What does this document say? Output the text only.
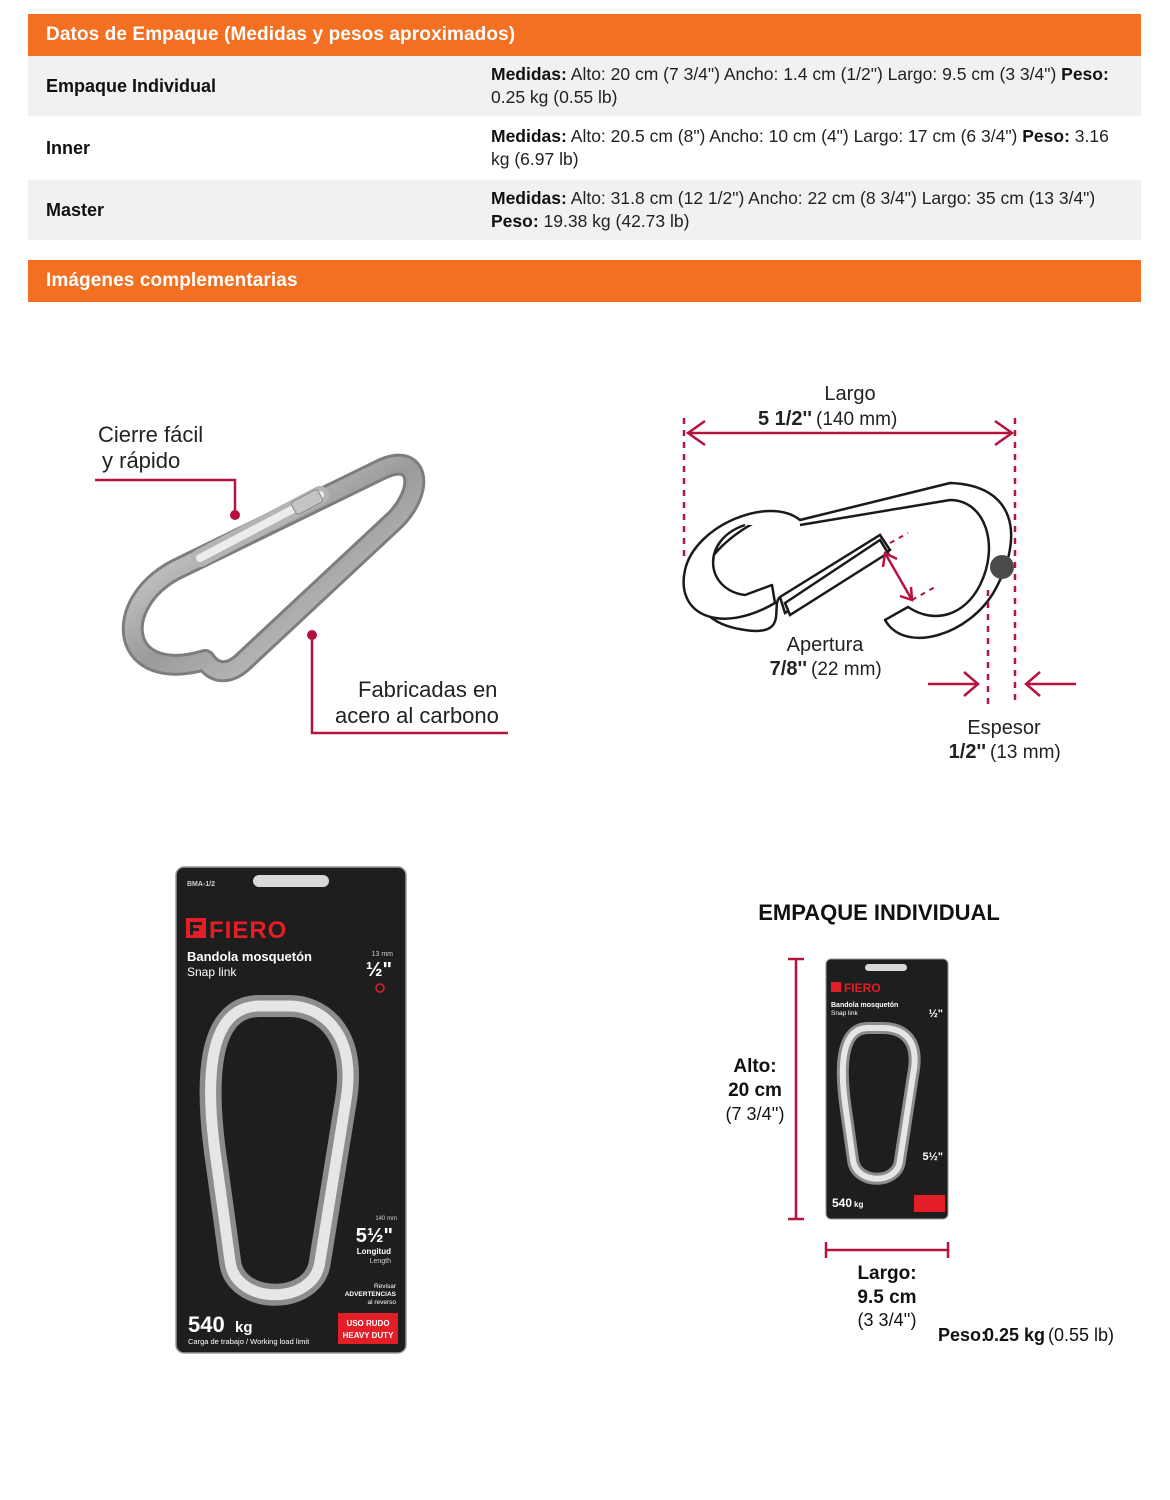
Datos de Empaque (Medidas y pesos aproximados)
Empaque Individual
Medidas: Alto: 20 cm (7 3/4") Ancho: 1.4 cm (1/2") Largo: 9.5 cm (3 3/4") Peso: 0.25 kg (0.55 lb)
Inner
Medidas: Alto: 20.5 cm (8") Ancho: 10 cm (4") Largo: 17 cm (6 3/4") Peso: 3.16 kg (6.97 lb)
Master
Medidas: Alto: 31.8 cm (12 1/2") Ancho: 22 cm (8 3/4") Largo: 35 cm (13 3/4") Peso: 19.38 kg (42.73 lb)
Imágenes complementarias
Cierre fácil
y rápido
Fabricadas en
acero al carbono
Largo
5 1/2'' (140 mm)
Apertura
7/8'' (22 mm)
Espesor
1/2'' (13 mm)
BMA-1/2
FIERO
Bandola mosquetón
Snap link
13 mm
½"
140 mm
5½"
Longitud
Length
Revisar
ADVERTENCIAS
al reverso
540 kg
Carga de trabajo / Working load limit
USO RUDO
HEAVY DUTY
EMPAQUE INDIVIDUAL
FIERO
Bandola mosquetón
Snap link	½"
5½"
540 kg
Alto:
20 cm
(7 3/4'')
Largo:
9.5 cm
(3 3/4'')
Peso:
0.25 kg (0.55 lb)
